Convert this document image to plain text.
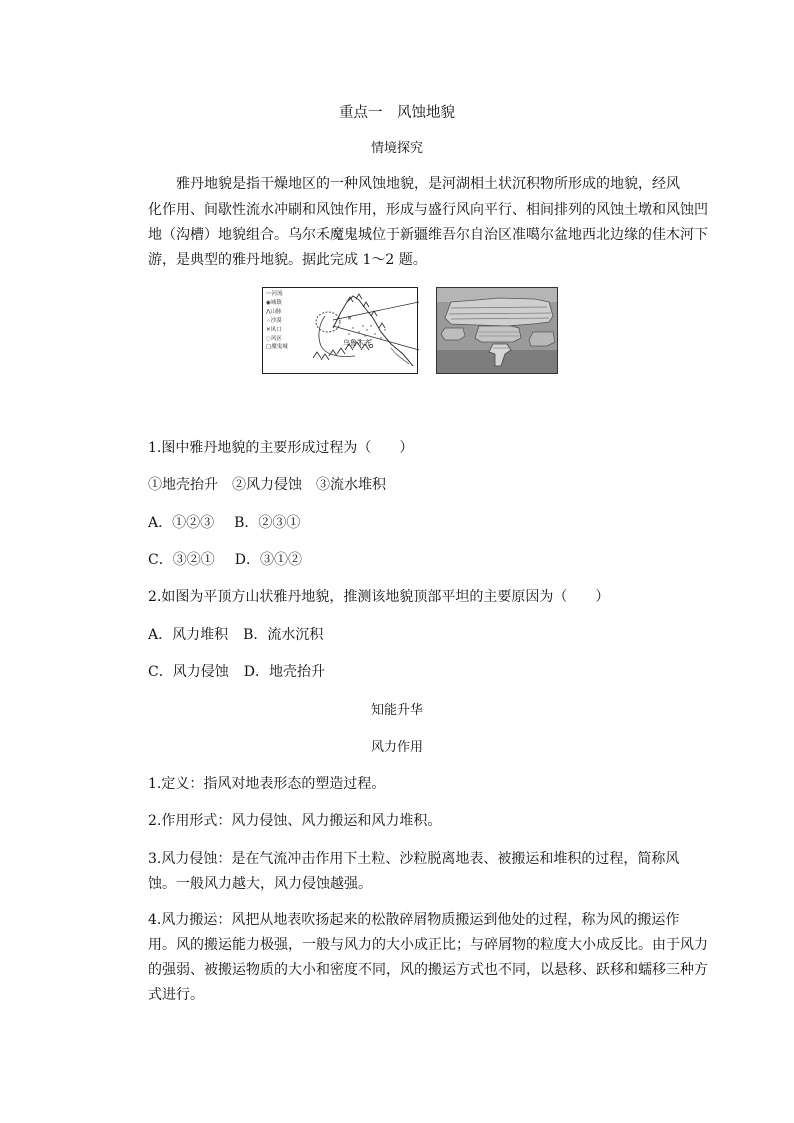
重点一　风蚀地貌
情境探究
雅丹地貌是指干燥地区的一种风蚀地貌，是河湖相土状沉积物所形成的地貌，经风
化作用、间歇性流水冲刷和风蚀作用，形成与盛行风向平行、相间排列的风蚀土墩和风蚀凹
地（沟槽）地貌组合。乌尔禾魔鬼城位于新疆维吾尔自治区准噶尔盆地西北边缘的佳木河下
游，是典型的雅丹地貌。据此完成 1～2 题。
✕
〰河流
◉城镇
⋀山脉
⁘沙漠
✕风口
◌风区
□魔鬼城
乌鲁木齐
1.图中雅丹地貌的主要形成过程为（　　）
①地壳抬升　②风力侵蚀　③流水堆积
A．①②③ B．②③①
C．③②① D．③①②
2.如图为平顶方山状雅丹地貌，推测该地貌顶部平坦的主要原因为（　　）
A．风力堆积 B．流水沉积
C．风力侵蚀 D．地壳抬升
知能升华
风力作用
1.定义：指风对地表形态的塑造过程。
2.作用形式：风力侵蚀、风力搬运和风力堆积。
3.风力侵蚀：是在气流冲击作用下土粒、沙粒脱离地表、被搬运和堆积的过程，简称风
蚀。一般风力越大，风力侵蚀越强。
4.风力搬运：风把从地表吹扬起来的松散碎屑物质搬运到他处的过程，称为风的搬运作
用。风的搬运能力极强，一般与风力的大小成正比；与碎屑物的粒度大小成反比。由于风力
的强弱、被搬运物质的大小和密度不同，风的搬运方式也不同，以悬移、跃移和蠕移三种方
式进行。
